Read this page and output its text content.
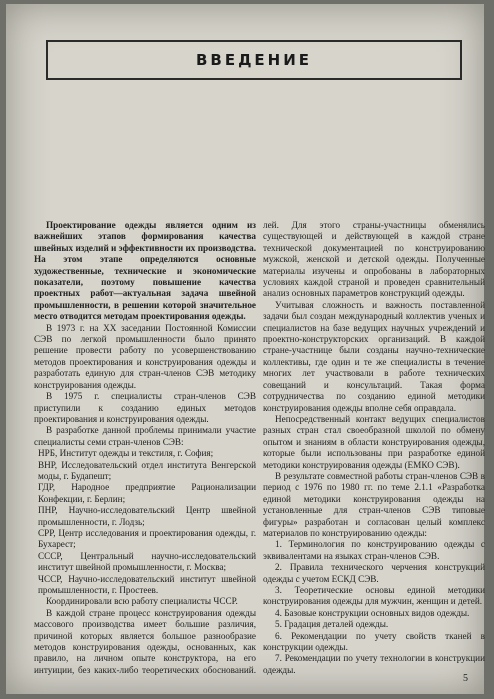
ВВЕДЕНИЕ

Проектирование одежды является одним из важнейших этапов формирования качества швейных изделий и эффективности их производства. На этом этапе определяются основные художественные, технические и экономические показатели, поэтому повышение качества проектных работ—актуальная задача швейной промышленности, в решении которой значительное место отводится методам проектирования одежды.

В 1973 г. на XX заседании Постоянной Комиссии СЭВ по легкой промышленности было принято решение провести работу по усовершенствованию методов проектирования и конструирования одежды и разработать единую для стран-членов СЭВ методику конструирования одежды.

В 1975 г. специалисты стран-членов СЭВ приступили к созданию единых методов проектирования и конструирования одежды.

В разработке данной проблемы принимали участие специалисты семи стран-членов СЭВ:

НРБ, Институт одежды и текстиля, г. София;

ВНР, Исследовательский отдел института Венгерской моды, г. Будапешт;

ГДР, Народное предприятие Рационализации Конфекции, г. Берлин;

ПНР, Научно-исследовательский Центр швейной промышленности, г. Лодзь;

СРР, Центр исследования и проектирования одежды, г. Бухарест;

СССР, Центральный научно-исследовательский институт швейной промышленности, г. Москва;

ЧССР, Научно-исследовательский институт швейной промышленности, г. Простеев.

Координировали всю работу специалисты ЧССР.

В каждой стране процесс конструирования одежды массового производства имеет большие различия, причиной которых является большое разнообразие методов конструирования одежды, основанных, как правило, на личном опыте конструктора, на его интуиции, без каких-либо теоретических обоснований.

лей. Для этого страны-участницы обменялись существующей и действующей в каждой стране технической документацией по конструированию мужской, женской и детской одежды. Полученные материалы изучены и опробованы в лабораторных условиях каждой страной и проведен сравнительный анализ основных параметров конструкций одежды.

Учитывая сложность и важность поставленной задачи был создан международный коллектив ученых и специалистов на базе ведущих научных учреждений и проектно-конструкторских организаций. В каждой стране-участнице были созданы научно-технические коллективы, где один и те же специалисты в течение многих лет участвовали в работе технических совещаний и консультаций. Такая форма сотрудничества по созданию единой методики конструирования одежды вполне себя оправдала.

Непосредственный контакт ведущих специалистов разных стран стал своеобразной школой по обмену опытом и знаниям в области конструирования одежды, которые были использованы при разработке единой методики конструирования одежды (ЕМКО СЭВ).

В результате совместной работы стран-членов СЭВ в период с 1976 по 1980 гг. по теме 2.1.1 «Разработка единой методики конструирования одежды на установленные для стран-членов СЭВ типовые фигуры» разработан и согласован целый комплекс материалов по конструированию одежды:

1. Терминология по конструированию одежды с эквивалентами на языках стран-членов СЭВ.

2. Правила технического черчения конструкций одежды с учетом ЕСКД СЭВ.

3. Теоретические основы единой методики конструирования одежды для мужчин, женщин и детей.

4. Базовые конструкции основных видов одежды.

5. Градация деталей одежды.

6. Рекомендации по учету свойств тканей в конструкции одежды.

7. Рекомендации по учету технологии в конструкции одежды.

5
